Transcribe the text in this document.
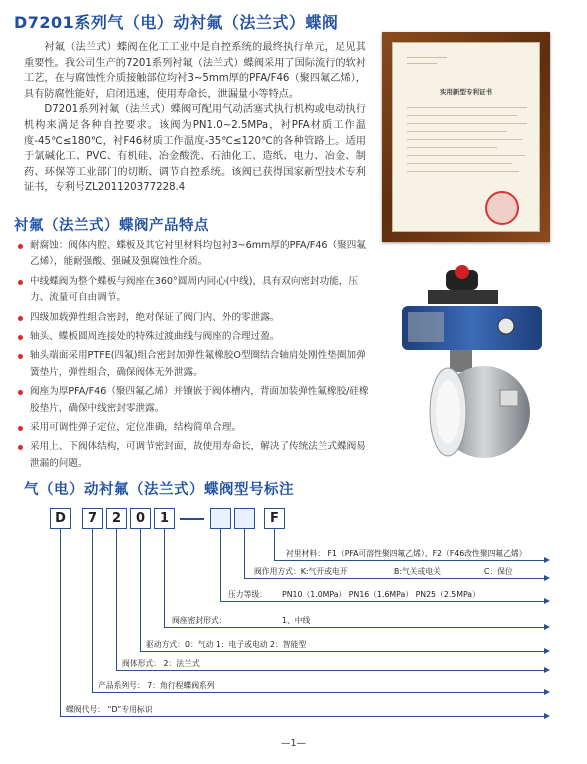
D7201系列气（电）动衬氟（法兰式）蝶阀

衬氟（法兰式）蝶阀在化工工业中是自控系统的最终执行单元，足见其重要性。我公司生产的7201系列衬氟（法兰式）蝶阀采用了国际流行的软衬工艺，在与腐蚀性介质接触部位均衬3~5mm厚的PFA/F46（聚四氟乙烯），具有防腐性能好，启闭迅速，使用寿命长，泄漏量小等特点。

D7201系列衬氟（法兰式）蝶阀可配用气动活塞式执行机构或电动执行机构来满足各种自控要求。该阀为PN1.0~2.5MPa，衬PFA材质工作温度-45℃≤180℃，衬F46材质工作温度-35℃≤120℃的各种管路上。适用于氯碱化工、PVC、有机硅、冶金酸洗、石油化工、造纸、电力、冶金、制药、环保等工业部门的切断、调节自控系统。该阀已获得国家新型技术专利证书，专利号ZL201120377228.4

实用新型专利证书
衬氟（法兰式）蝶阀产品特点
耐腐蚀：阀体内腔、蝶板及其它衬里材料均包衬3~6mm厚的PFA/F46（聚四氟乙烯），能耐强酸、强碱及强腐蚀性介质。
中线蝶阀为整个蝶板与阀座在360°圆周内同心(中线)，具有双向密封功能，压力、流量可自由调节。
四级加载弹性组合密封，绝对保证了阀门内、外的零泄露。
轴头、蝶板圆周连接处的特殊过渡曲线与阀座的合理过盈。
轴头端面采用PTFE(四氟)组合密封加弹性氟橡胶O型圈结合轴肩处刚性垫圈加弹簧垫片，弹性组合，确保阀体无外泄露。
阀座为厚PFA/F46（聚四氟乙烯）并镶嵌于阀体槽内，背面加装弹性氟橡胶/硅橡胶垫片，确保中线密封零泄露。
采用可调性弹子定位，定位准确，结构简单合理。
采用上、下阀体结构，可调节密封面，故使用寿命长，解决了传统法兰式蝶阀易泄漏的问题。
气（电）动衬氟（法兰式）蝶阀型号标注
D	7	2	0	1	F
衬里材料： F1（PFA可溶性聚四氟乙烯）、F2（F46改性聚四氟乙烯）
阀作用方式：K:气开或电开	B:气关或电关	C：保位
压力等级： PN10（1.0MPa） PN16（1.6MPa） PN25（2.5MPa）
阀座密封形式：	1、中线
驱动方式：0：气动 1：电子或电动 2：智能型
阀体形式： 2：法兰式
产品系列号： 7：角行程蝶阀系列
蝶阀代号： “D”专用标识
—1—
